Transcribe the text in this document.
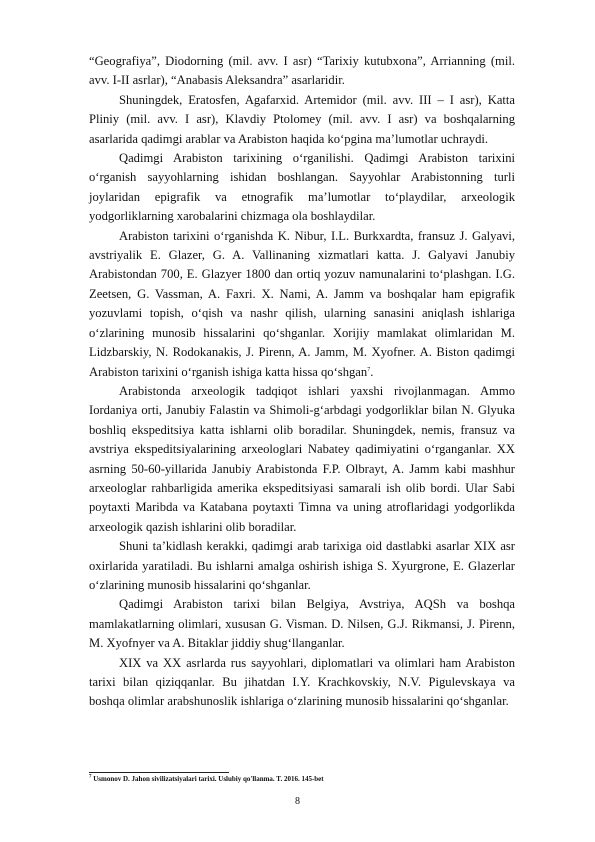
“Geografiya”, Diodorning (mil. avv. I asr) “Tarixiy kutubxona”, Arrianning (mil. avv. I-II asrlar), “Anabasis Aleksandra” asarlaridir.

Shuningdek, Eratosfen, Agafarxid. Artemidor (mil. avv. III – I asr), Katta Pliniy (mil. avv. I asr), Klavdiy Ptolomey (mil. avv. I asr) va boshqalarning asarlarida qadimgi arablar va Arabiston haqida ko‘pgina ma’lumotlar uchraydi.

Qadimgi Arabiston tarixining o‘rganilishi. Qadimgi Arabiston tarixini o‘rganish sayyohlarning ishidan boshlangan. Sayyohlar Arabistonning turli joylaridan epigrafik va etnografik ma’lumotlar to‘playdilar, arxeologik yodgorliklarning xarobalarini chizmaga ola boshlaydilar.

Arabiston tarixini o‘rganishda K. Nibur, I.L. Burkxardta, fransuz J. Galyavi, avstriyalik E. Glazer, G. A. Vallinaning xizmatlari katta. J. Galyavi Janubiy Arabistondan 700, E. Glazyer 1800 dan ortiq yozuv namunalarini to‘plashgan. I.G. Zeetsen, G. Vassman, A. Faxri. X. Nami, A. Jamm va boshqalar ham epigrafik yozuvlami topish, o‘qish va nashr qilish, ularning sanasini aniqlash ishlariga o‘zlarining munosib hissalarini qo‘shganlar. Xorijiy mamlakat olimlaridan M. Lidzbarskiy, N. Rodokanakis, J. Pirenn, A. Jamm, M. Xyofner. A. Biston qadimgi Arabiston tarixini o‘rganish ishiga katta hissa qo‘shgan$^7$.

Arabistonda arxeologik tadqiqot ishlari yaxshi rivojlanmagan. Ammo Iordaniya orti, Janubiy Falastin va Shimoli-g‘arbdagi yodgorliklar bilan N. Glyuka boshliq ekspeditsiya katta ishlarni olib boradilar. Shuningdek, nemis, fransuz va avstriya ekspeditsiyalarining arxeologlari Nabatey qadimiyatini o‘rganganlar. XX asrning 50-60-yillarida Janubiy Arabistonda F.P. Olbrayt, A. Jamm kabi mashhur arxeologlar rahbarligida amerika ekspeditsiyasi samarali ish olib bordi. Ular Sabi poytaxti Maribda va Katabana poytaxti Timna va uning atroflaridagi yodgorlikda arxeologik qazish ishlarini olib boradilar.

Shuni ta’kidlash kerakki, qadimgi arab tarixiga oid dastlabki asarlar XIX asr oxirlarida yaratiladi. Bu ishlarni amalga oshirish ishiga S. Xyurgrone, E. Glazerlar o‘zlarining munosib hissalarini qo‘shganlar.

Qadimgi Arabiston tarixi bilan Belgiya, Avstriya, AQSh va boshqa mamlakatlarning olimlari, xususan G. Visman. D. Nilsen, G.J. Rikmansi, J. Pirenn, M. Xyofnyer va A. Bitaklar jiddiy shug‘llanganlar.

XIX va XX asrlarda rus sayyohlari, diplomatlari va olimlari ham Arabiston tarixi bilan qiziqqanlar. Bu jihatdan I.Y. Krachkovskiy, N.V. Pigulevskaya va boshqa olimlar arabshunoslik ishlariga o‘zlarining munosib hissalarini qo‘shganlar.

$^7$ Usmonov D. Jahon sivilizatsiyalari tarixi. Uslubiy qo'llanma. T. 2016. 145-bet
8
